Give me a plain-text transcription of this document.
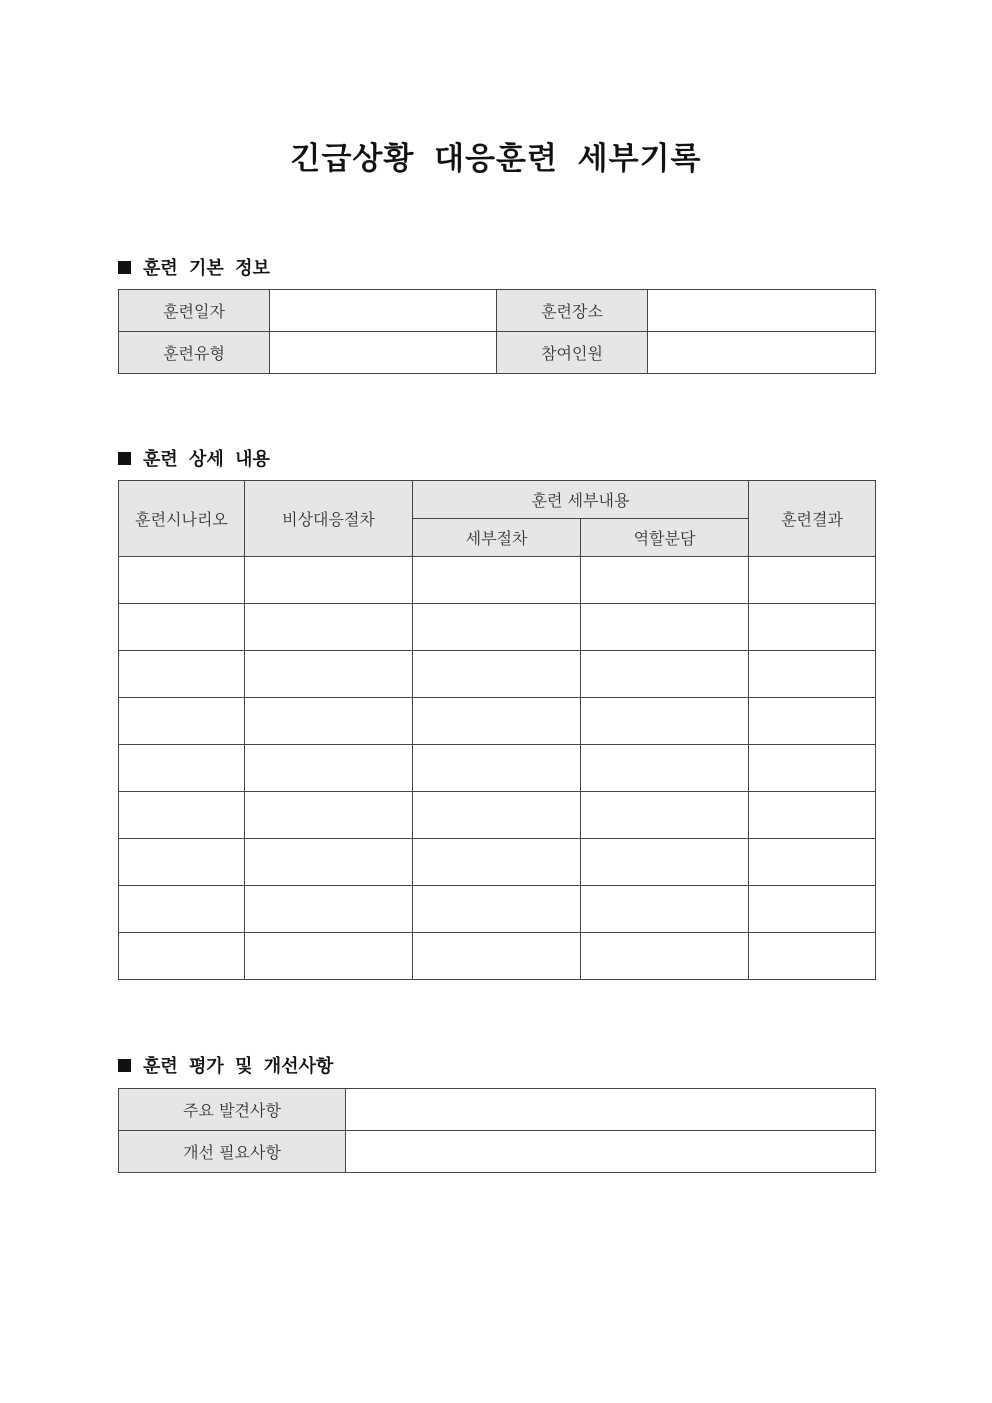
긴급상황 대응훈련 세부기록
훈련 기본 정보
훈련일자		훈련장소	
훈련유형		참여인원	
훈련 상세 내용
훈련시나리오	비상대응절차	훈련 세부내용		훈련결과
		세부절차	역할분담	

훈련 평가 및 개선사항
주요 발견사항	
개선 필요사항	
